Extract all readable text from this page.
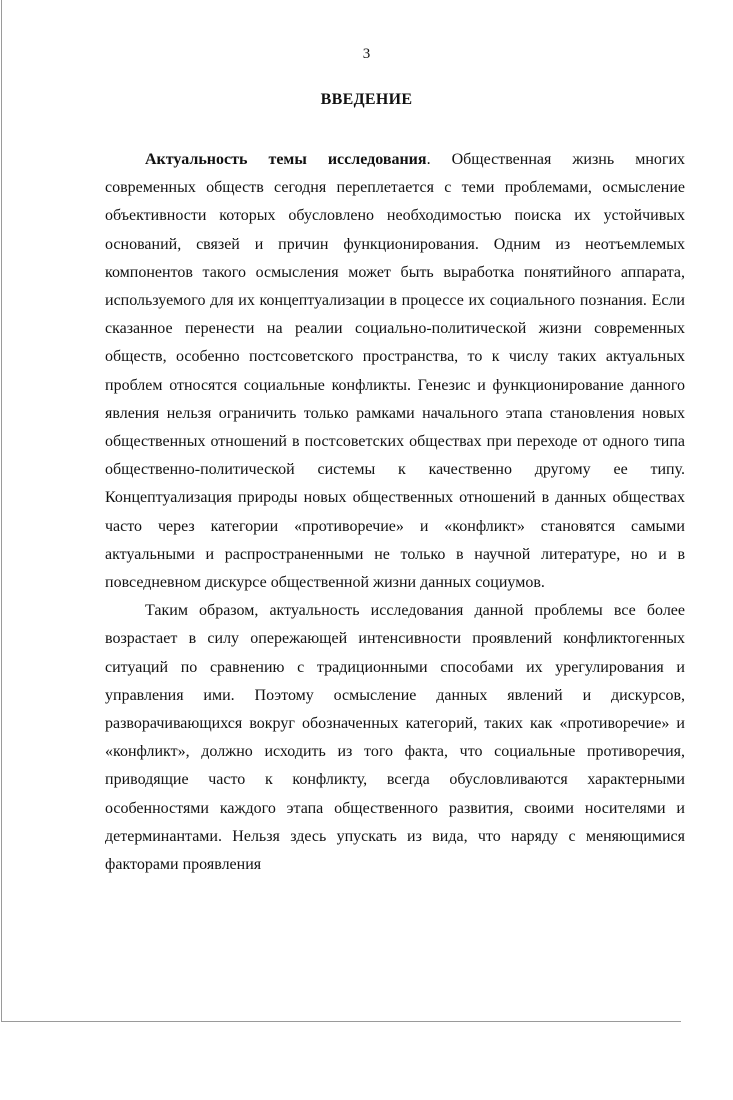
3
ВВЕДЕНИЕ

Актуальность темы исследования. Общественная жизнь многих современных обществ сегодня переплетается с теми проблемами, осмысление объективности которых обусловлено необходимостью поиска их устойчивых оснований, связей и причин функционирования. Одним из неотъемлемых компонентов такого осмысления может быть выработка понятийного аппарата, используемого для их концептуализации в процессе их социального познания. Если сказанное перенести на реалии социально-политической жизни современных обществ, особенно постсоветского пространства, то к числу таких актуальных проблем относятся социальные конфликты. Генезис и функционирование данного явления нельзя ограничить только рамками начального этапа становления новых общественных отношений в постсоветских обществах при переходе от одного типа общественно-политической системы к качественно другому ее типу. Концептуализация природы новых общественных отношений в данных обществах часто через категории «противоречие» и «конфликт» становятся самыми актуальными и распространенными не только в научной литературе, но и в повседневном дискурсе общественной жизни данных социумов.

Таким образом, актуальность исследования данной проблемы все более возрастает в силу опережающей интенсивности проявлений конфликтогенных ситуаций по сравнению с традиционными способами их урегулирования и управления ими. Поэтому осмысление данных явлений и дискурсов, разворачивающихся вокруг обозначенных категорий, таких как «противоречие» и «конфликт», должно исходить из того факта, что социальные противоречия, приводящие часто к конфликту, всегда обусловливаются характерными особенностями каждого этапа общественного развития, своими носителями и детерминантами. Нельзя здесь упускать из вида, что наряду с меняющимися факторами проявления
